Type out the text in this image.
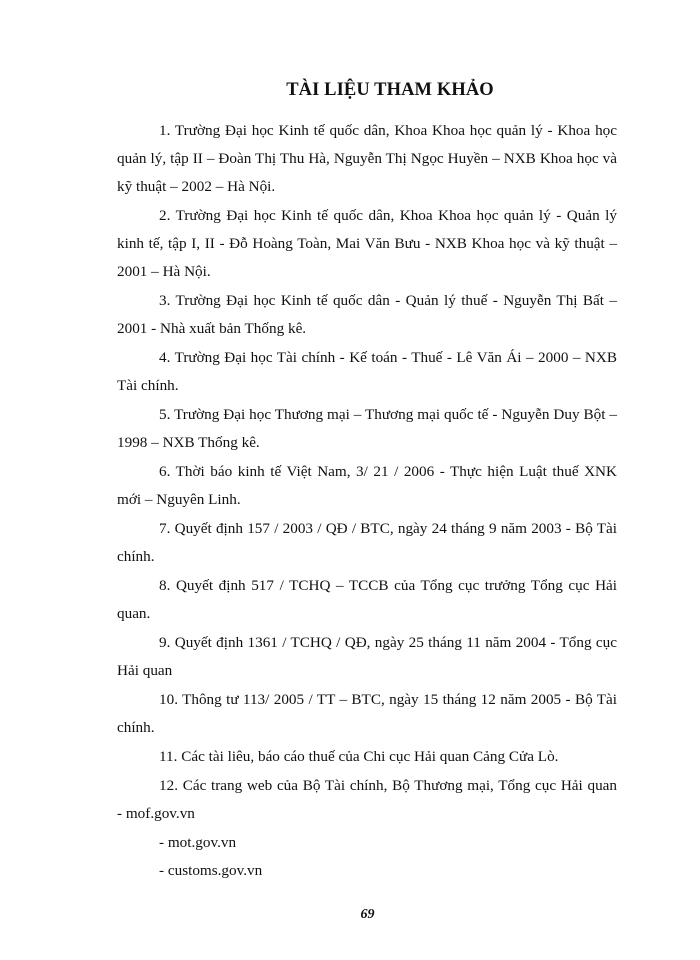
TÀI LIỆU THAM KHẢO

1. Trường Đại học Kinh tế quốc dân, Khoa Khoa học quản lý - Khoa học quản lý, tập II – Đoàn Thị Thu Hà, Nguyễn Thị Ngọc Huyền – NXB Khoa học và kỹ thuật – 2002 – Hà Nội.

2. Trường Đại học Kinh tế quốc dân, Khoa Khoa học quản lý - Quản lý kinh tế, tập I, II - Đỗ Hoàng Toàn, Mai Văn Bưu - NXB Khoa học và kỹ thuật – 2001 – Hà Nội.

3. Trường Đại học Kinh tế quốc dân - Quản lý thuế - Nguyễn Thị Bất – 2001 - Nhà xuất bản Thống kê.

4. Trường Đại học Tài chính - Kế toán - Thuế - Lê Văn Ái – 2000 – NXB Tài chính.

5. Trường Đại học Thương mại – Thương mại quốc tế - Nguyễn Duy Bột – 1998 – NXB Thống kê.

6. Thời báo kinh tế Việt Nam, 3/ 21 / 2006 - Thực hiện Luật thuế XNK mới – Nguyên Linh.

7. Quyết định 157 / 2003 / QĐ / BTC, ngày 24 tháng 9 năm 2003 - Bộ Tài chính.

8. Quyết định 517 / TCHQ – TCCB của Tổng cục trưởng Tổng cục Hải quan.

9. Quyết định 1361 / TCHQ / QĐ, ngày 25 tháng 11 năm 2004 - Tổng cục Hải quan

10. Thông tư 113/ 2005 / TT – BTC, ngày 15 tháng 12 năm 2005 - Bộ Tài chính.

11. Các tài liêu, báo cáo thuế của Chi cục Hải quan Cảng Cửa Lò.

12. Các trang web của Bộ Tài chính, Bộ Thương mại, Tổng cục Hải quan     - mof.gov.vn

- mot.gov.vn

- customs.gov.vn

69
